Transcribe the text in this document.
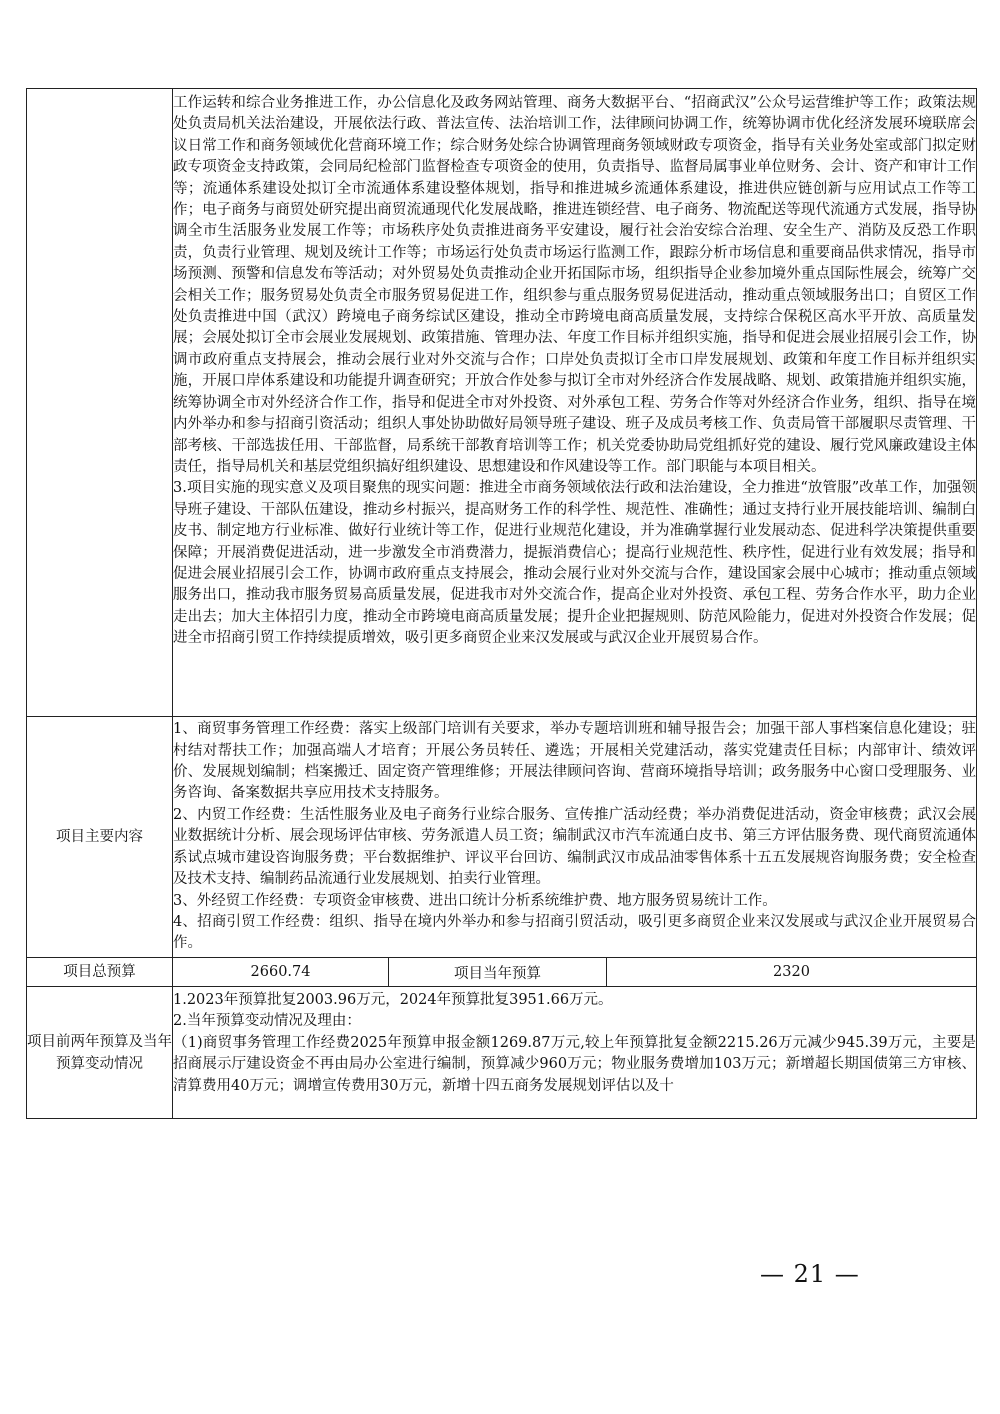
	工作运转和综合业务推进工作，办公信息化及政务网站管理、商务大数据平台、“招商武汉”公众号运营维护等工作；政策法规处负责局机关法治建设，开展依法行政、普法宣传、法治培训工作，法律顾问协调工作，统筹协调市优化经济发展环境联席会议日常工作和商务领域优化营商环境工作；综合财务处综合协调管理商务领域财政专项资金，指导有关业务处室或部门拟定财政专项资金支持政策，会同局纪检部门监督检查专项资金的使用，负责指导、监督局属事业单位财务、会计、资产和审计工作等；流通体系建设处拟订全市流通体系建设整体规划，指导和推进城乡流通体系建设，推进供应链创新与应用试点工作等工作；电子商务与商贸处研究提出商贸流通现代化发展战略，推进连锁经营、电子商务、物流配送等现代流通方式发展，指导协调全市生活服务业发展工作等；市场秩序处负责推进商务平安建设，履行社会治安综合治理、安全生产、消防及反恐工作职责，负责行业管理、规划及统计工作等；市场运行处负责市场运行监测工作，跟踪分析市场信息和重要商品供求情况，指导市场预测、预警和信息发布等活动；对外贸易处负责推动企业开拓国际市场，组织指导企业参加境外重点国际性展会，统筹广交会相关工作；服务贸易处负责全市服务贸易促进工作，组织参与重点服务贸易促进活动，推动重点领域服务出口；自贸区工作处负责推进中国（武汉）跨境电子商务综试区建设，推动全市跨境电商高质量发展，支持综合保税区高水平开放、高质量发展；会展处拟订全市会展业发展规划、政策措施、管理办法、年度工作目标并组织实施，指导和促进会展业招展引会工作，协调市政府重点支持展会，推动会展行业对外交流与合作；口岸处负责拟订全市口岸发展规划、政策和年度工作目标并组织实施，开展口岸体系建设和功能提升调查研究；开放合作处参与拟订全市对外经济合作发展战略、规划、政策措施并组织实施，统筹协调全市对外经济合作工作，指导和促进全市对外投资、对外承包工程、劳务合作等对外经济合作业务，组织、指导在境内外举办和参与招商引资活动；组织人事处协助做好局领导班子建设、班子及成员考核工作、负责局管干部履职尽责管理、干部考核、干部选拔任用、干部监督，局系统干部教育培训等工作；机关党委协助局党组抓好党的建设、履行党风廉政建设主体责任，指导局机关和基层党组织搞好组织建设、思想建设和作风建设等工作。部门职能与本项目相关。

3.项目实施的现实意义及项目聚焦的现实问题：推进全市商务领域依法行政和法治建设，全力推进“放管服”改革工作，加强领导班子建设、干部队伍建设，推动乡村振兴，提高财务工作的科学性、规范性、准确性；通过支持行业开展技能培训、编制白皮书、制定地方行业标准、做好行业统计等工作，促进行业规范化建设，并为准确掌握行业发展动态、促进科学决策提供重要保障；开展消费促进活动，进一步激发全市消费潜力，提振消费信心；提高行业规范性、秩序性，促进行业有效发展；指导和促进会展业招展引会工作，协调市政府重点支持展会，推动会展行业对外交流与合作，建设国家会展中心城市；推动重点领域服务出口，推动我市服务贸易高质量发展，促进我市对外交流合作，提高企业对外投资、承包工程、劳务合作水平，助力企业走出去；加大主体招引力度，推动全市跨境电商高质量发展；提升企业把握规则、防范风险能力，促进对外投资合作发展；促进全市招商引贸工作持续提质增效，吸引更多商贸企业来汉发展或与武汉企业开展贸易合作。		

项目主要内容	1、商贸事务管理工作经费：落实上级部门培训有关要求，举办专题培训班和辅导报告会；加强干部人事档案信息化建设；驻村结对帮扶工作；加强高端人才培育；开展公务员转任、遴选；开展相关党建活动，落实党建责任目标；内部审计、绩效评价、发展规划编制；档案搬迁、固定资产管理维修；开展法律顾问咨询、营商环境指导培训；政务服务中心窗口受理服务、业务咨询、备案数据共享应用技术支持服务。

2、内贸工作经费：生活性服务业及电子商务行业综合服务、宣传推广活动经费；举办消费促进活动，资金审核费；武汉会展业数据统计分析、展会现场评估审核、劳务派遣人员工资；编制武汉市汽车流通白皮书、第三方评估服务费、现代商贸流通体系试点城市建设咨询服务费；平台数据维护、评议平台回访、编制武汉市成品油零售体系十五五发展规咨询服务费；安全检查及技术支持、编制药品流通行业发展规划、拍卖行业管理。

3、外经贸工作经费：专项资金审核费、进出口统计分析系统维护费、地方服务贸易统计工作。

4、招商引贸工作经费：组织、指导在境内外举办和参与招商引贸活动，吸引更多商贸企业来汉发展或与武汉企业开展贸易合作。		

项目总预算	2660.74	项目当年预算	2320
项目前两年预算及当年预算变动情况	1.2023年预算批复2003.96万元，2024年预算批复3951.66万元。

2.当年预算变动情况及理由：

（1)商贸事务管理工作经费2025年预算申报金额1269.87万元,较上年预算批复金额2215.26万元减少945.39万元，主要是招商展示厅建设资金不再由局办公室进行编制，预算减少960万元；物业服务费增加103万元；新增超长期国债第三方审核、清算费用40万元；调增宣传费用30万元，新增十四五商务发展规划评估以及十		

— 21 —
